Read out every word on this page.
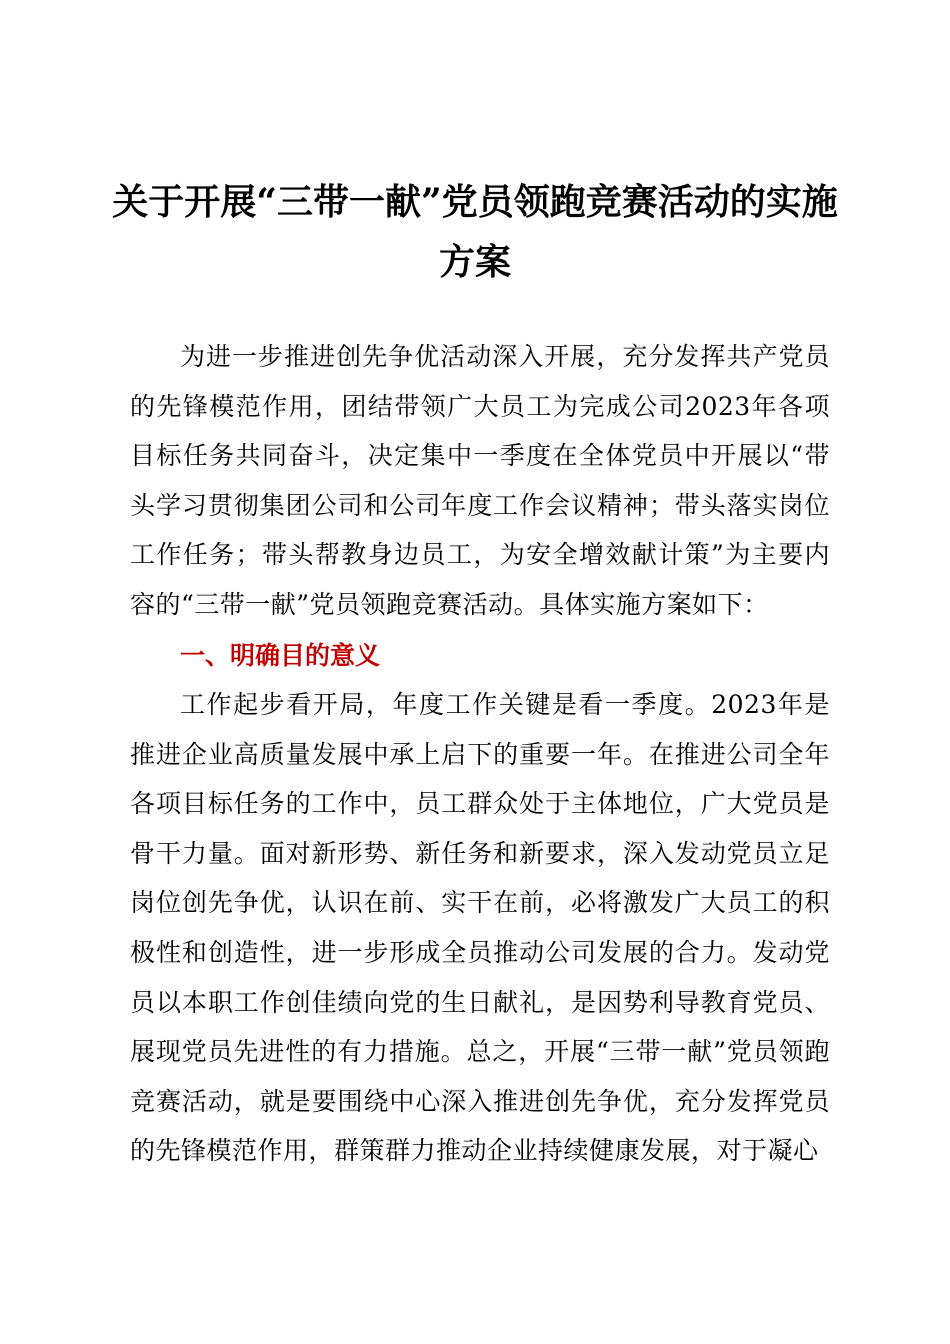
关于开展“三带一献”党员领跑竞赛活动的实施方案

为进一步推进创先争优活动深入开展，充分发挥共产党员的先锋模范作用，团结带领广大员工为完成公司2023年各项目标任务共同奋斗，决定集中一季度在全体党员中开展以“带头学习贯彻集团公司和公司年度工作会议精神；带头落实岗位工作任务；带头帮教身边员工，为安全增效献计策”为主要内容的“三带一献”党员领跑竞赛活动。具体实施方案如下：

一、明确目的意义

工作起步看开局，年度工作关键是看一季度。2023年是推进企业高质量发展中承上启下的重要一年。在推进公司全年各项目标任务的工作中，员工群众处于主体地位，广大党员是骨干力量。面对新形势、新任务和新要求，深入发动党员立足岗位创先争优，认识在前、实干在前，必将激发广大员工的积极性和创造性，进一步形成全员推动公司发展的合力。发动党员以本职工作创佳绩向党的生日献礼，是因势利导教育党员、展现党员先进性的有力措施。总之，开展“三带一献”党员领跑竞赛活动，就是要围绕中心深入推进创先争优，充分发挥党员的先锋模范作用，群策群力推动企业持续健康发展，对于凝心
